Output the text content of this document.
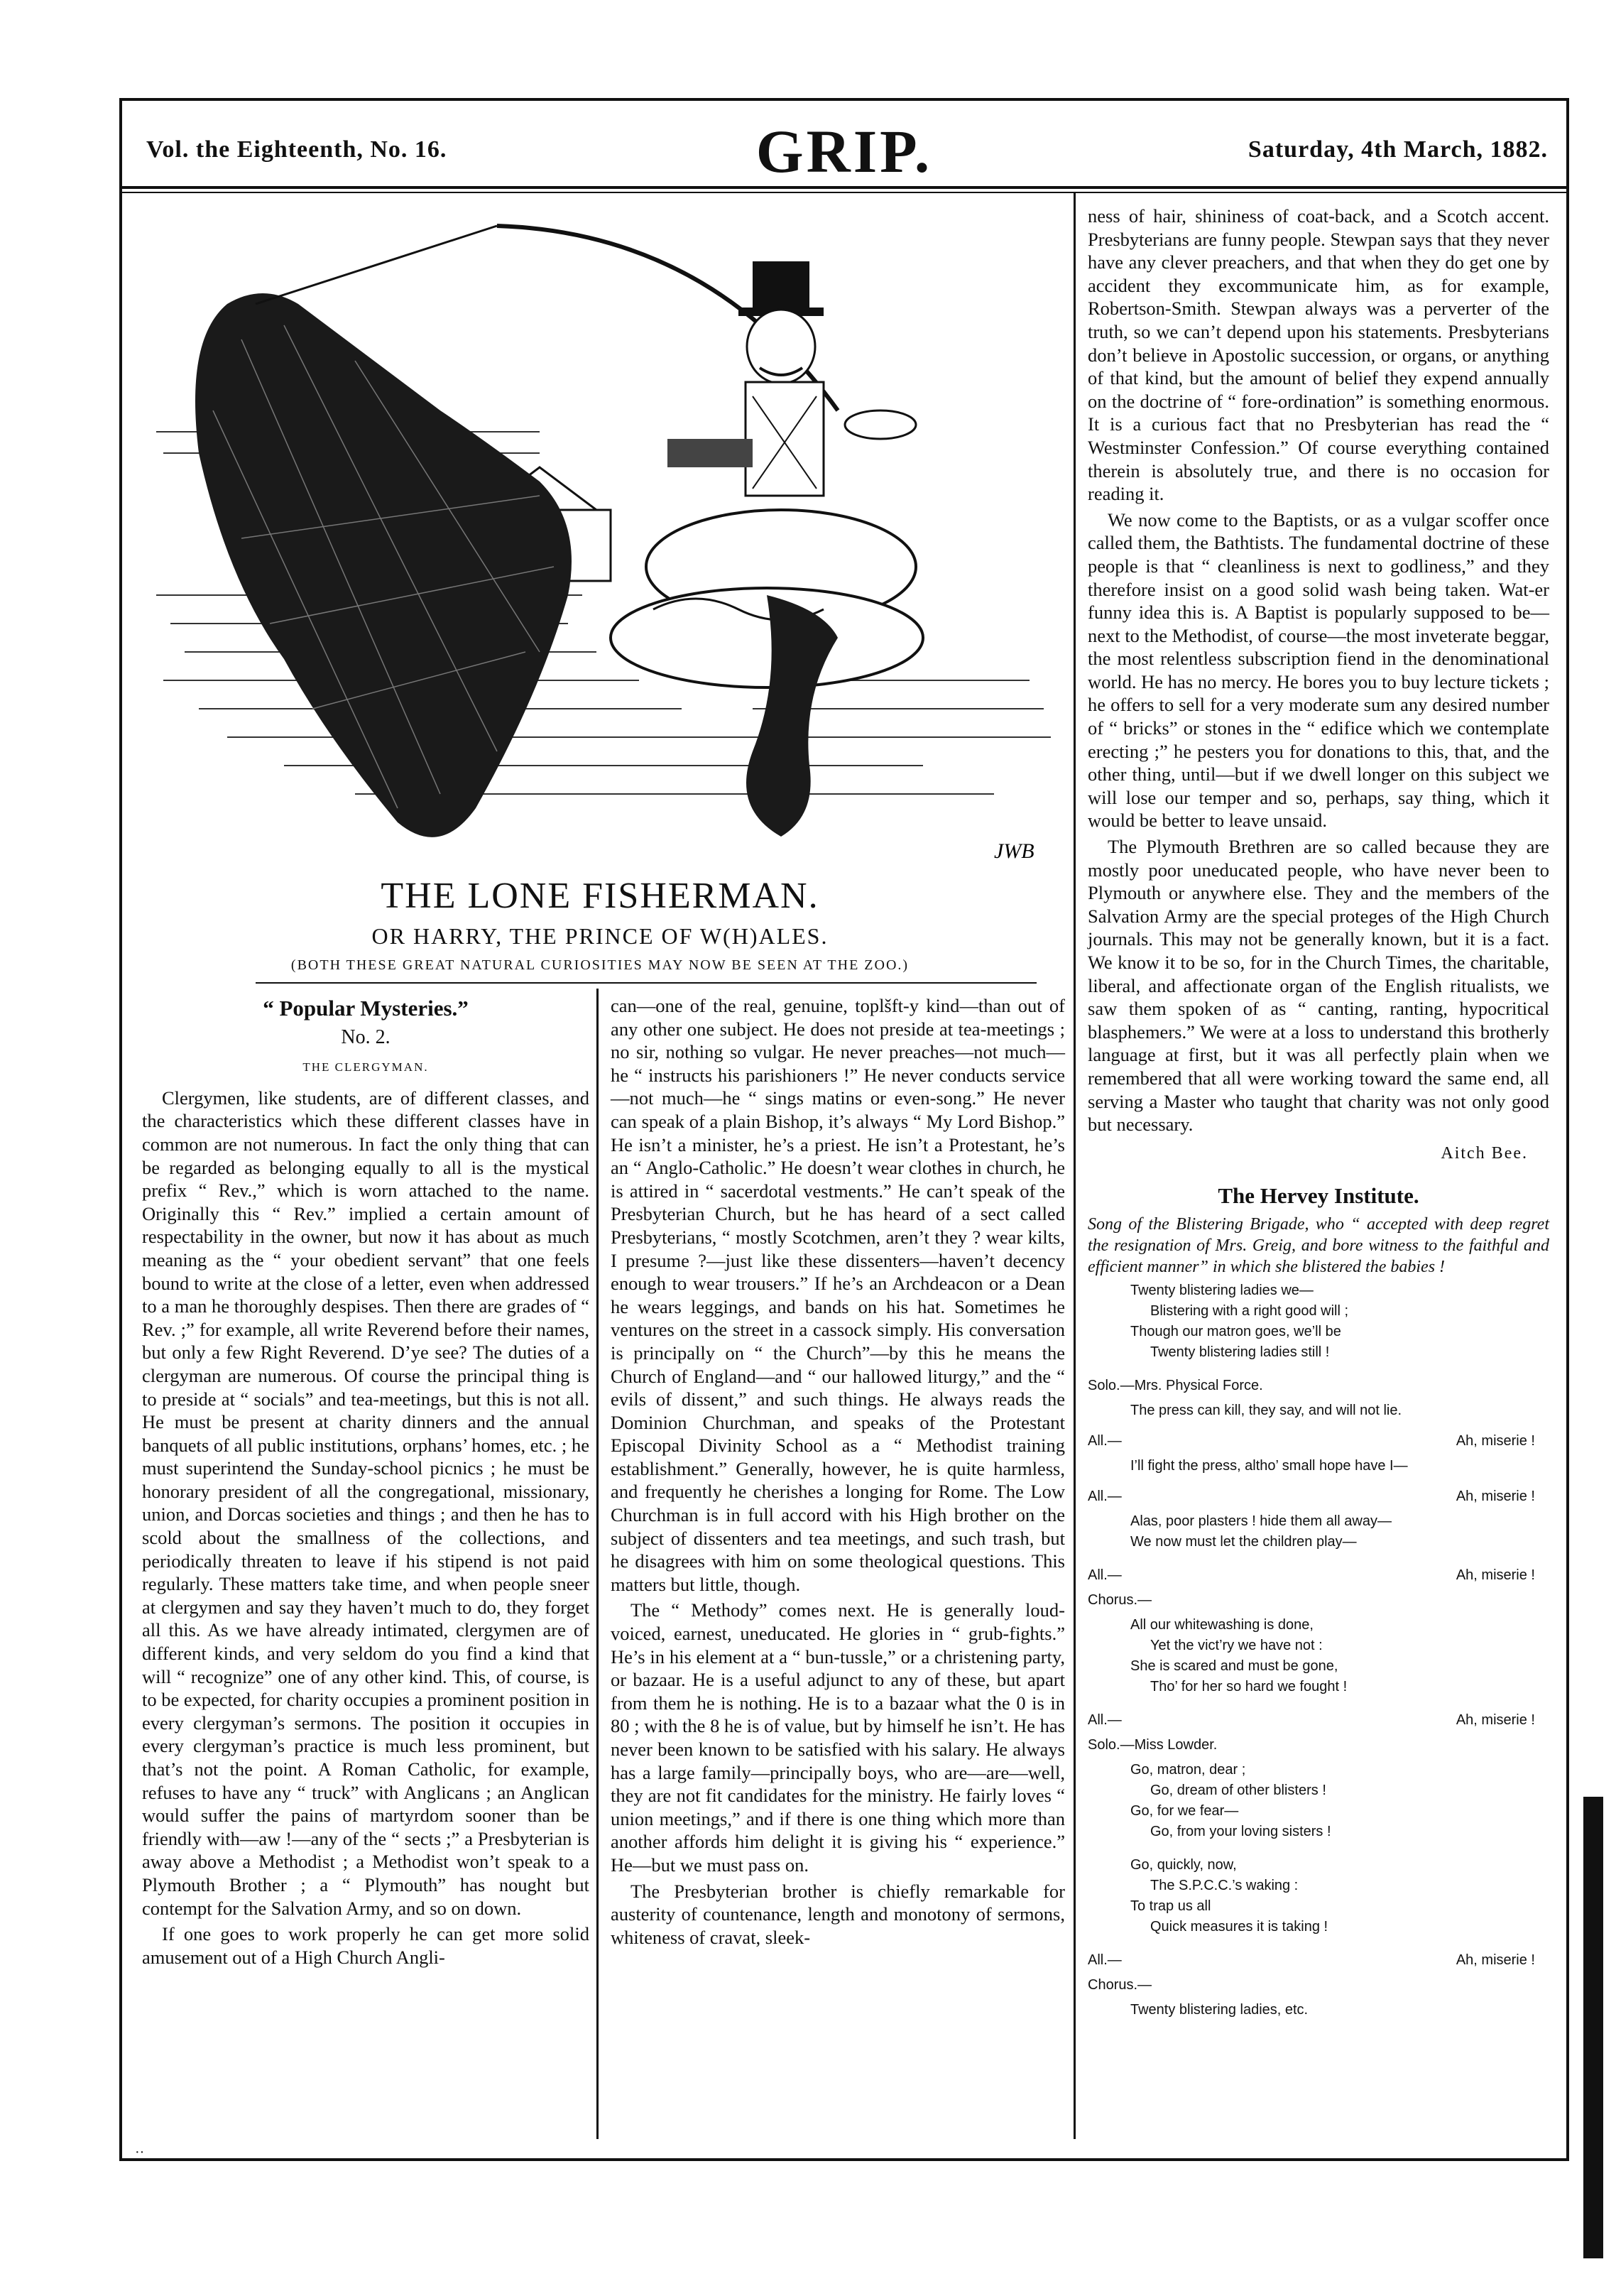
Vol. the Eighteenth, No. 16.	GRIP.	Saturday, 4th March, 1882.
JWB
THE LONE FISHERMAN.
OR HARRY, THE PRINCE OF W(H)ALES.
(BOTH THESE GREAT NATURAL CURIOSITIES MAY NOW BE SEEN AT THE ZOO.)
“ Popular Mysteries.”
No. 2.
THE CLERGYMAN.

Clergymen, like students, are of different classes, and the characteristics which these different classes have in common are not numerous. In fact the only thing that can be regarded as belonging equally to all is the mystical prefix “ Rev.,” which is worn attached to the name. Originally this “ Rev.” implied a certain amount of respectability in the owner, but now it has about as much meaning as the “ your obedient servant” that one feels bound to write at the close of a letter, even when addressed to a man he thoroughly despises. Then there are grades of “ Rev. ;” for example, all write Reverend before their names, but only a few Right Reverend. D’ye see? The duties of a clergyman are numerous. Of course the principal thing is to preside at “ socials” and tea-meetings, but this is not all. He must be present at charity dinners and the annual banquets of all public institutions, orphans’ homes, etc. ; he must superintend the Sunday-school picnics ; he must be honorary president of all the congregational, missionary, union, and Dorcas societies and things ; and then he has to scold about the smallness of the collections, and periodically threaten to leave if his stipend is not paid regularly. These matters take time, and when people sneer at clergymen and say they haven’t much to do, they forget all this. As we have already intimated, clergymen are of different kinds, and very seldom do you find a kind that will “ recognize” one of any other kind. This, of course, is to be expected, for charity occupies a prominent position in every clergyman’s sermons. The position it occupies in every clergyman’s practice is much less prominent, but that’s not the point. A Roman Catholic, for example, refuses to have any “ truck” with Anglicans ; an Anglican would suffer the pains of martyrdom sooner than be friendly with—aw !—any of the “ sects ;” a Presbyterian is away above a Methodist ; a Methodist won’t speak to a Plymouth Brother ; a “ Plymouth” has nought but contempt for the Salvation Army, and so on down.

If one goes to work properly he can get more solid amusement out of a High Church Angli-

can—one of the real, genuine, toplšft-y kind—than out of any other one subject. He does not preside at tea-meetings ; no sir, nothing so vulgar. He never preaches—not much—he “ instructs his parishioners !” He never conducts service—not much—he “ sings matins or even-song.” He never can speak of a plain Bishop, it’s always “ My Lord Bishop.” He isn’t a minister, he’s a priest. He isn’t a Protestant, he’s an “ Anglo-Catholic.” He doesn’t wear clothes in church, he is attired in “ sacerdotal vestments.” He can’t speak of the Presbyterian Church, but he has heard of a sect called Presbyterians, “ mostly Scotchmen, aren’t they ? wear kilts, I presume ?—just like these dissenters—haven’t decency enough to wear trousers.” If he’s an Archdeacon or a Dean he wears leggings, and bands on his hat. Sometimes he ventures on the street in a cassock simply. His conversation is principally on “ the Church”—by this he means the Church of England—and “ our hallowed liturgy,” and the “ evils of dissent,” and such things. He always reads the Dominion Churchman, and speaks of the Protestant Episcopal Divinity School as a “ Methodist training establishment.” Generally, however, he is quite harmless, and frequently he cherishes a longing for Rome. The Low Churchman is in full accord with his High brother on the subject of dissenters and tea meetings, and such trash, but he disagrees with him on some theological questions. This matters but little, though.

The “ Methody” comes next. He is generally loud-voiced, earnest, uneducated. He glories in “ grub-fights.” He’s in his element at a “ bun-tussle,” or a christening party, or bazaar. He is a useful adjunct to any of these, but apart from them he is nothing. He is to a bazaar what the 0 is in 80 ; with the 8 he is of value, but by himself he isn’t. He has never been known to be satisfied with his salary. He always has a large family—principally boys, who are—are—well, they are not fit candidates for the ministry. He fairly loves “ union meetings,” and if there is one thing which more than another affords him delight it is giving his “ experience.” He—but we must pass on.

The Presbyterian brother is chiefly remarkable for austerity of countenance, length and monotony of sermons, whiteness of cravat, sleek-

ness of hair, shininess of coat-back, and a Scotch accent. Presbyterians are funny people. Stewpan says that they never have any clever preachers, and that when they do get one by accident they excommunicate him, as for example, Robertson-Smith. Stewpan always was a perverter of the truth, so we can’t depend upon his statements. Presbyterians don’t believe in Apostolic succession, or organs, or anything of that kind, but the amount of belief they expend annually on the doctrine of “ fore-ordination” is something enormous. It is a curious fact that no Presbyterian has read the “ Westminster Confession.” Of course everything contained therein is absolutely true, and there is no occasion for reading it.

We now come to the Baptists, or as a vulgar scoffer once called them, the Bathtists. The fundamental doctrine of these people is that “ cleanliness is next to godliness,” and they therefore insist on a good solid wash being taken. Wat-er funny idea this is. A Baptist is popularly supposed to be—next to the Methodist, of course—the most inveterate beggar, the most relentless subscription fiend in the denominational world. He has no mercy. He bores you to buy lecture tickets ; he offers to sell for a very moderate sum any desired number of “ bricks” or stones in the “ edifice which we contemplate erecting ;” he pesters you for donations to this, that, and the other thing, until—but if we dwell longer on this subject we will lose our temper and so, perhaps, say thing, which it would be better to leave unsaid.

The Plymouth Brethren are so called because they are mostly poor uneducated people, who have never been to Plymouth or anywhere else. They and the members of the Salvation Army are the special proteges of the High Church journals. This may not be generally known, but it is a fact. We know it to be so, for in the Church Times, the charitable, liberal, and affectionate organ of the English ritualists, we saw them spoken of as “ canting, ranting, hypocritical blasphemers.” We were at a loss to understand this brotherly language at first, but it was all perfectly plain when we remembered that all were working toward the same end, all serving a Master who taught that charity was not only good but necessary.

Aitch Bee.
The Hervey Institute.

Song of the Blistering Brigade, who “ accepted with deep regret the resignation of Mrs. Greig, and bore witness to the faithful and efficient manner” in which she blistered the babies !

Twenty blistering ladies we—
Blistering with a right good will ;
Though our matron goes, we’ll be
Twenty blistering ladies still !
Solo.—Mrs. Physical Force.
The press can kill, they say, and will not lie.
All.—	Ah, miserie !
I’ll fight the press, altho’ small hope have I—
All.—	Ah, miserie !
Alas, poor plasters ! hide them all away—
We now must let the children play—
All.—	Ah, miserie !
Chorus.—
All our whitewashing is done,
Yet the vict’ry we have not :
She is scared and must be gone,
Tho’ for her so hard we fought !
All.—	Ah, miserie !
Solo.—Miss Lowder.
Go, matron, dear ;
Go, dream of other blisters !
Go, for we fear—
Go, from your loving sisters !
Go, quickly, now,
The S.P.C.C.’s waking :
To trap us all
Quick measures it is taking !
All.—	Ah, miserie !
Chorus.—
Twenty blistering ladies, etc.
··
